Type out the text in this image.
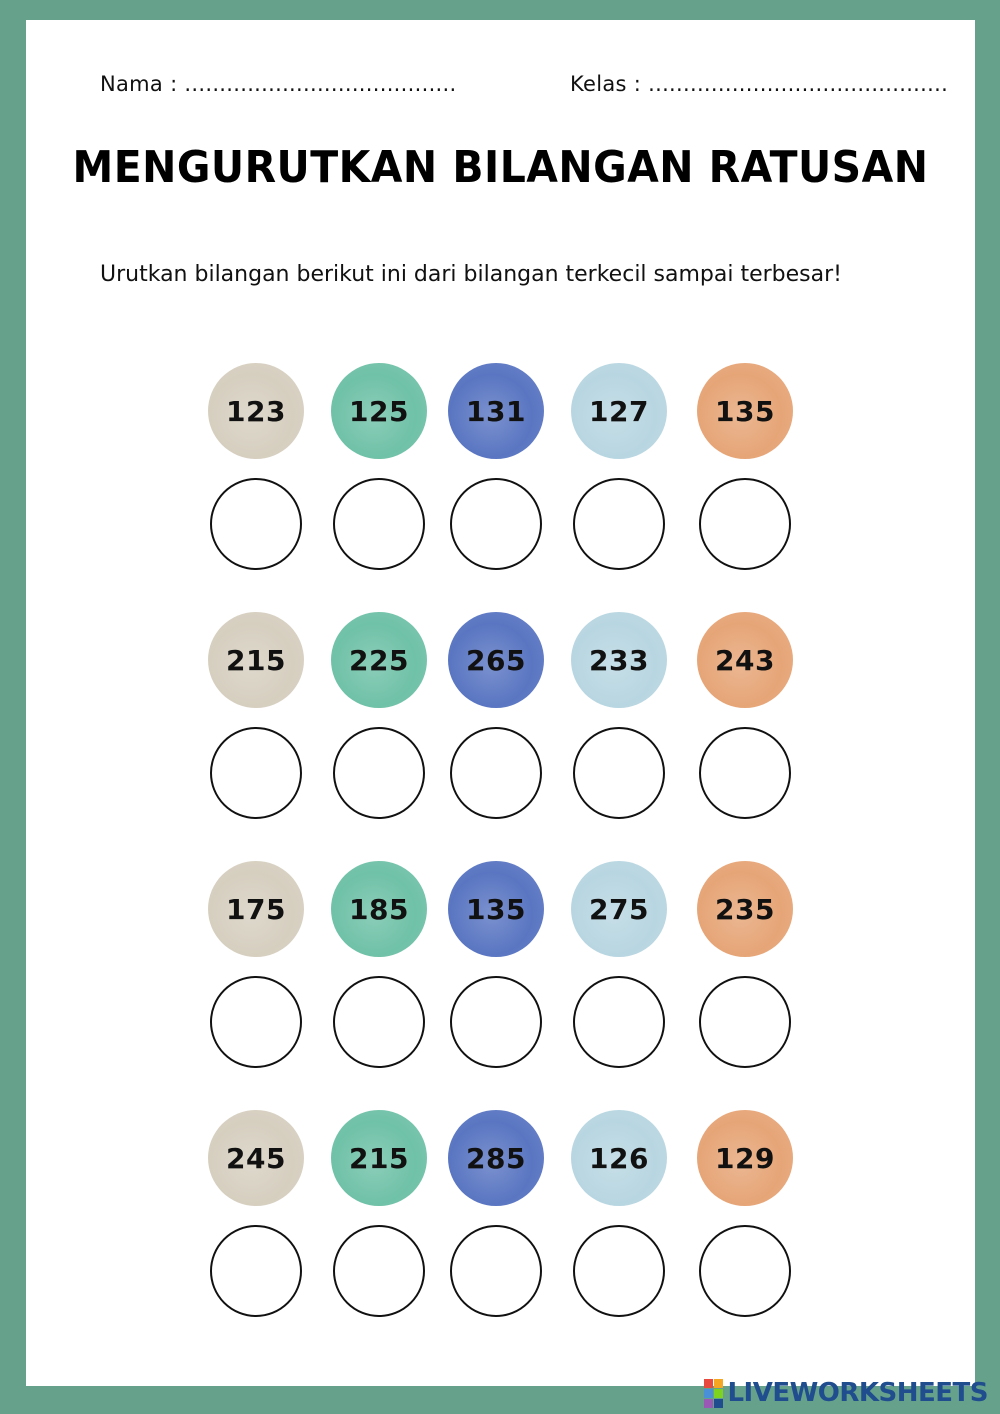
Nama : .......................................	Kelas : ...........................................
MENGURUTKAN BILANGAN RATUSAN
Urutkan bilangan berikut ini dari bilangan terkecil sampai terbesar!
123 125 131 127 135
215 225 265 233 243
175 185 135 275 235
245 215 285 126 129
LIVEWORKSHEETS
